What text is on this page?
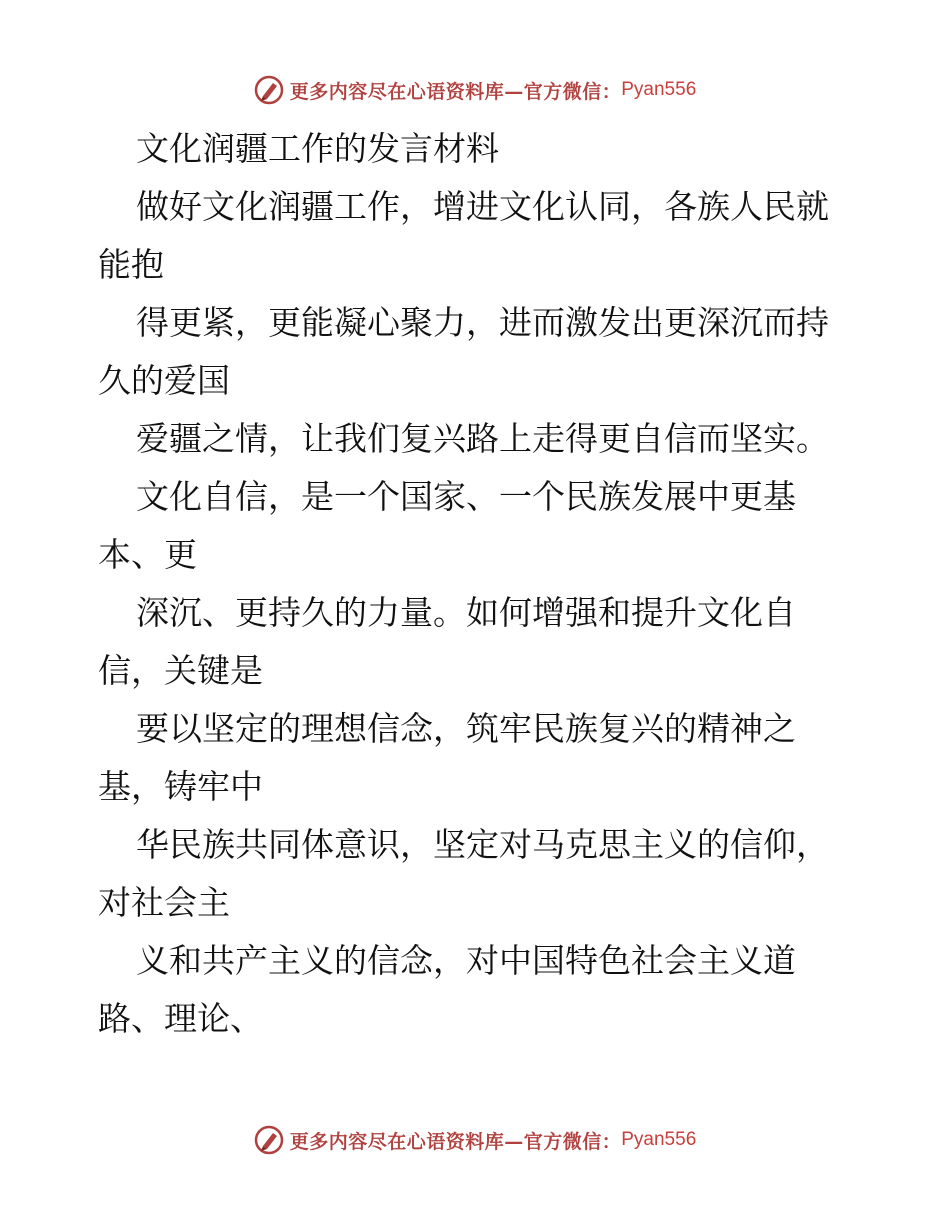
更多内容尽在心语资料库—官方微信： Pyan556
文化润疆工作的发言材料
做好文化润疆工作，增进文化认同，各族人民就
能抱
得更紧，更能凝心聚力，进而激发出更深沉而持
久的爱国
爱疆之情，让我们复兴路上走得更自信而坚实。
文化自信，是一个国家、一个民族发展中更基
本、更
深沉、更持久的力量。如何增强和提升文化自
信，关键是
要以坚定的理想信念，筑牢民族复兴的精神之
基，铸牢中
华民族共同体意识，坚定对马克思主义的信仰，
对社会主
义和共产主义的信念，对中国特色社会主义道
路、理论、
更多内容尽在心语资料库—官方微信： Pyan556
